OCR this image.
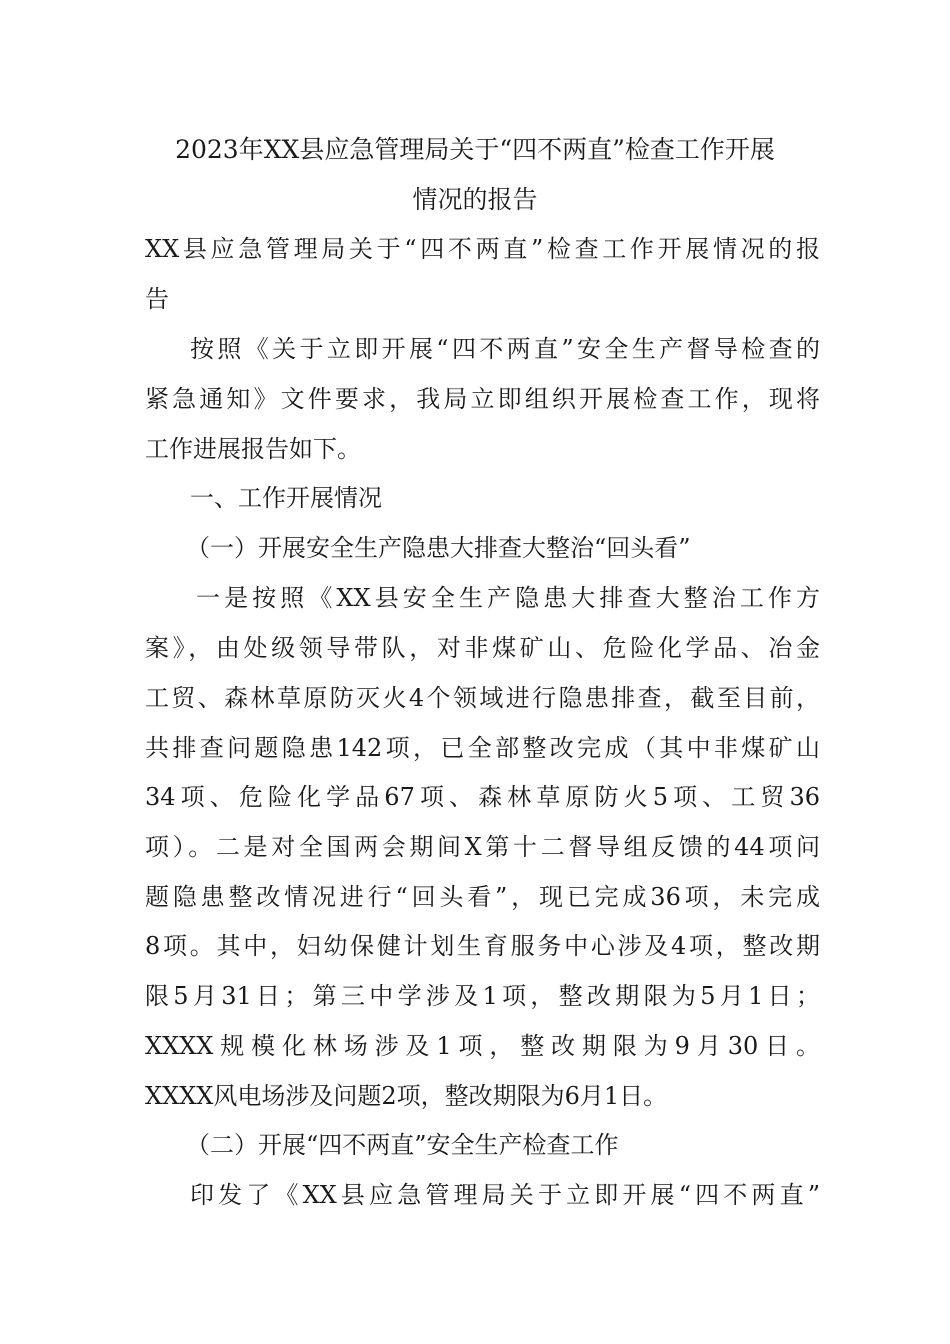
2023年XX县应急管理局关于“四不两直”检查工作开展
情况的报告
XX县应急管理局关于“四不两直”检查工作开展情况的报
告
按照《关于立即开展“四不两直”安全生产督导检查的
紧急通知》文件要求，我局立即组织开展检查工作，现将
工作进展报告如下。
一、工作开展情况
（一）开展安全生产隐患大排查大整治“回头看”
一是按照《XX县安全生产隐患大排查大整治工作方
案》，由处级领导带队，对非煤矿山、危险化学品、冶金
工贸、森林草原防灭火4个领域进行隐患排查，截至目前，
共排查问题隐患142项，已全部整改完成（其中非煤矿山
34项、危险化学品67项、森林草原防火5项、工贸36
项）。二是对全国两会期间X第十二督导组反馈的44项问
题隐患整改情况进行“回头看”，现已完成36项，未完成
8项。其中，妇幼保健计划生育服务中心涉及4项，整改期
限5月31日；第三中学涉及1项，整改期限为5月1日；
XXXX规模化林场涉及1项，整改期限为9月30日。
XXXX风电场涉及问题2项，整改期限为6月1日。
（二）开展“四不两直”安全生产检查工作
印发了《XX县应急管理局关于立即开展“四不两直”
